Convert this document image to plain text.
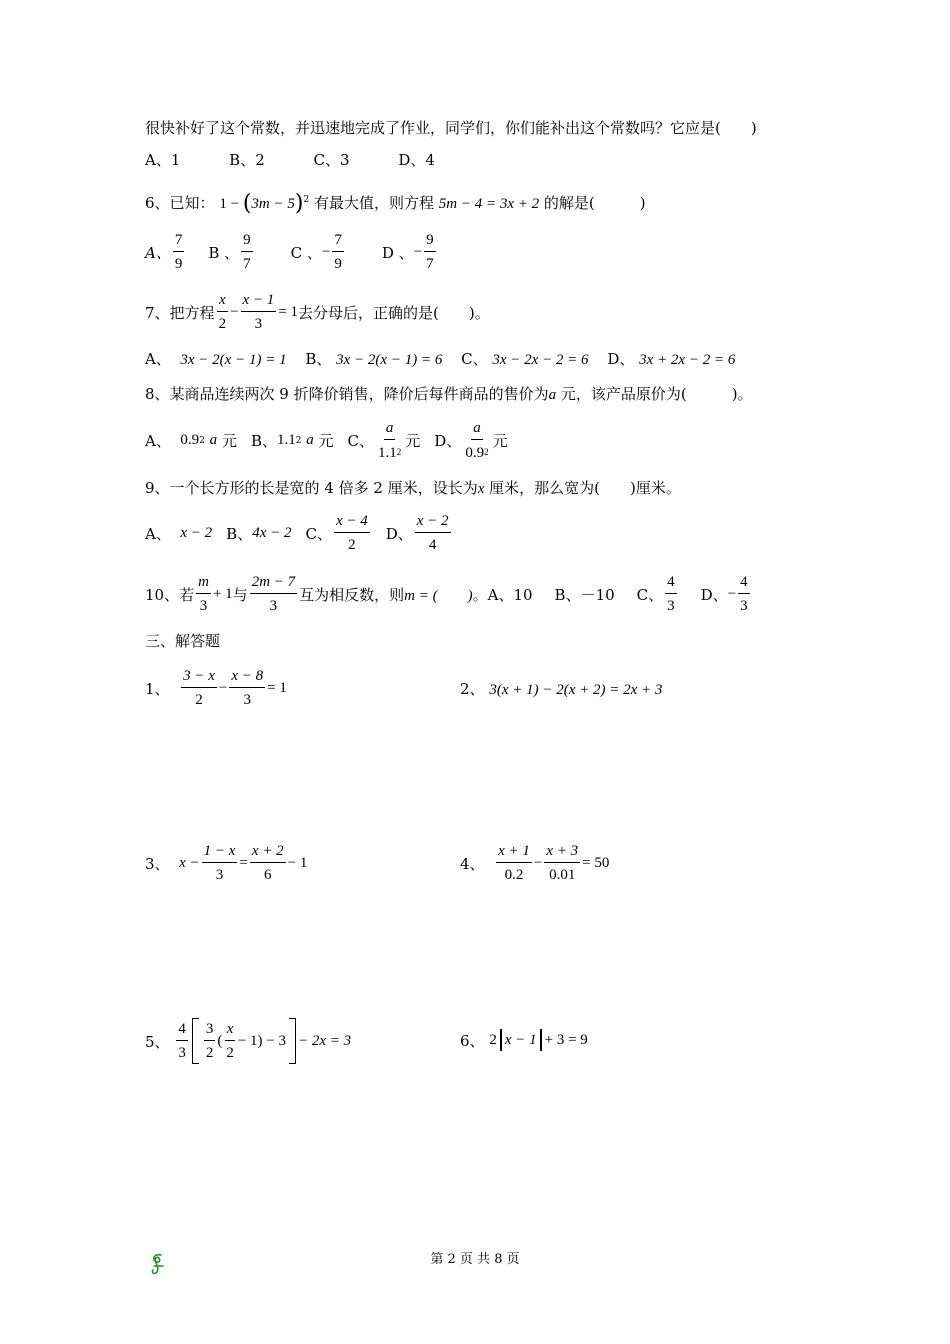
很快补好了这个常数，并迅速地完成了作业，同学们，你们能补出这个常数吗？它应是(　　)
A、1	B、2	C、3	D、4
6、已知： $1 - (3m - 5)^2$ 有最大值，则方程 5m − 4 = 3x + 2 的解是(　　　)
A、 $\frac{7}{9}$ B 、 $\frac{9}{7}$	C 、 − $\frac{7}{9}$	D 、 − $\frac{9}{7}$
7、 把方程 $\frac{x}{2} - \frac{x - 1}{3} = 1$ 去分母后，正确的是(　　)。
A、 3x − 2(x − 1) = 1 B、 3x − 2(x − 1) = 6 C、 3x − 2x − 2 = 6 D、 3x + 2x − 2 = 6
8、某商品连续两次 9 折降价销售，降价后每件商品的售价为a 元，该产品原价为(　　　)。
A、
0.9 2
a
元 B、 1.1 2
a
元 C、 $\frac{a}{1.12}$ 元 D、 $\frac{a}{0.92}$ 元
9、一个长方形的长是宽的 4 倍多 2 厘米，设长为x 厘米，那么宽为(　　)厘米。
A、
x − 2 B、 4x − 2 C、 $\frac{x - 4}{2}$ D、 $\frac{x - 2}{4}$
10、 若 $\frac{m}{3} + 1$ 与 $\frac{2m - 7}{3}$ 互为相反数，则 m = (　　) 。A、10 B、－10 C、 $\frac{4}{3}$ D、 − $\frac{4}{3}$
三、解答题
1、
$\frac{3 - x}{2} - \frac{x - 8}{3} = 1$	2、 3(x + 1) − 2(x + 2) = 2x + 3
3、
$x - \frac{1 - x}{3} = \frac{x + 2}{6} - 1$	4、
$\frac{x + 1}{0.2} - \frac{x + 3}{0.01} = 50$
5、
$\frac{4}{3} \frac{3}{2}$ ( $\frac{x}{2} - 1) - 3 - 2x = 3$	6、
2 x − 1 + 3 = 9
第 2 页 共 8 页
